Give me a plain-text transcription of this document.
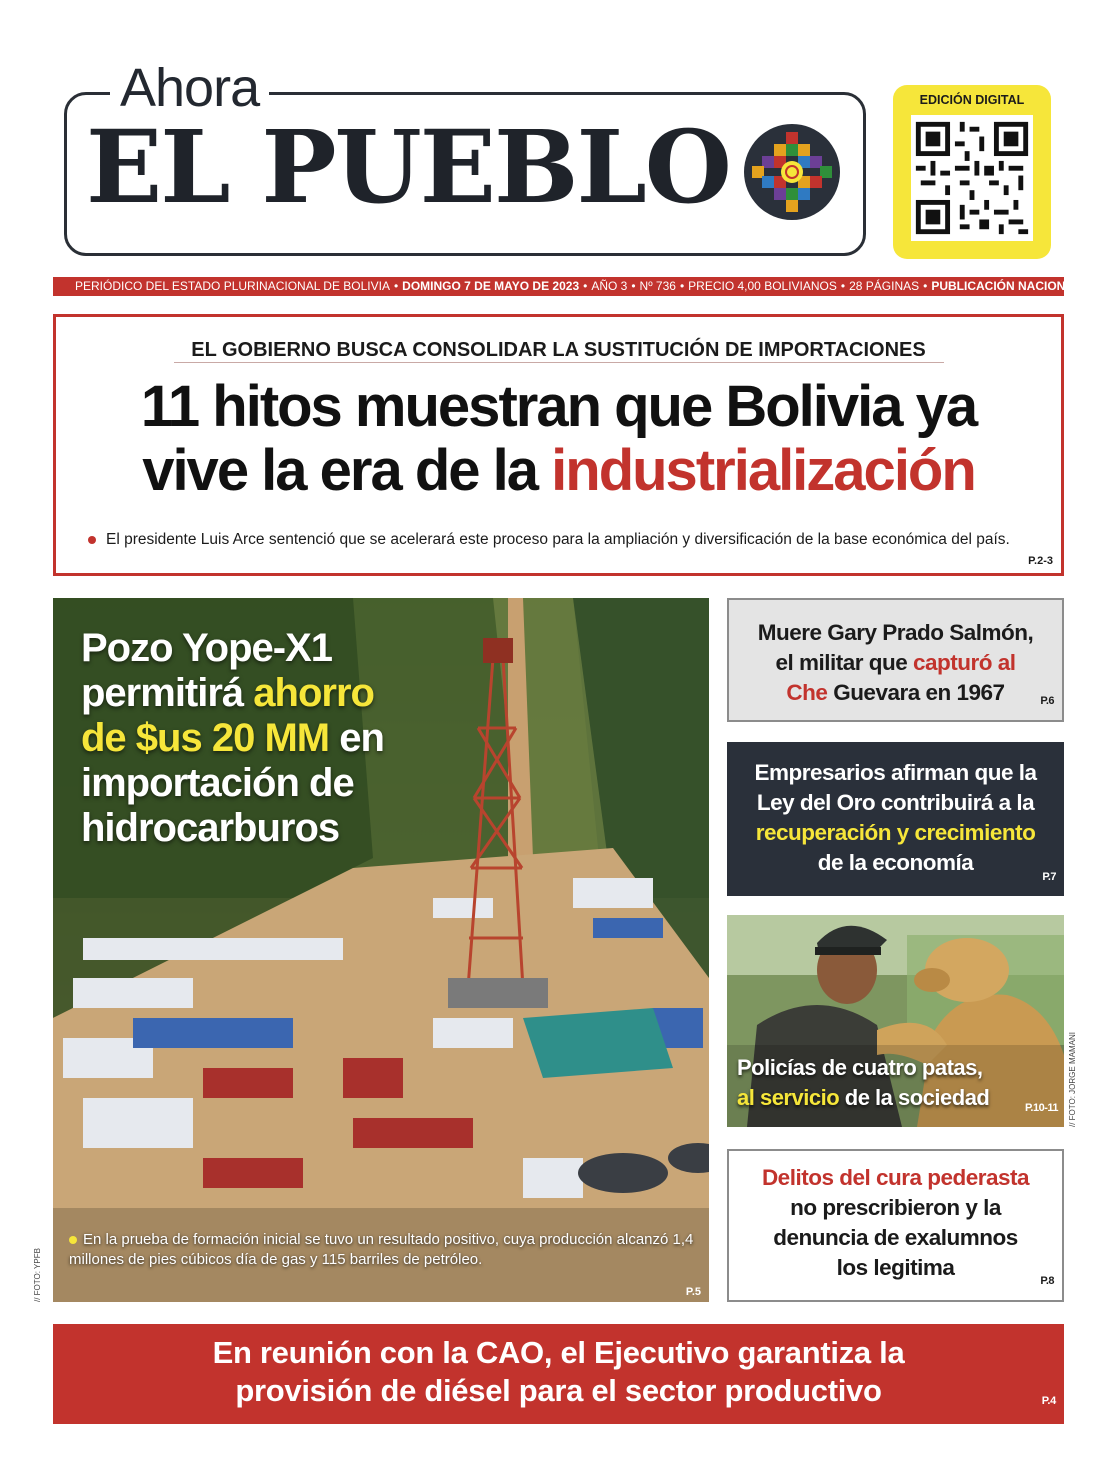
Ahora
EL PUEBLO
EDICIÓN DIGITAL
PERIÓDICO DEL ESTADO PLURINACIONAL DE BOLIVIA • DOMINGO 7 DE MAYO DE 2023 • AÑO 3 • Nº 736 • PRECIO 4,00 BOLIVIANOS • 28 PÁGINAS • PUBLICACIÓN NACIONAL
EL GOBIERNO BUSCA CONSOLIDAR LA SUSTITUCIÓN DE IMPORTACIONES
11 hitos muestran que Bolivia ya
vive la era de la industrialización
El presidente Luis Arce sentenció que se acelerará este proceso para la ampliación y diversificación de la base económica del país.
P.2-3
Pozo Yope-X1
permitirá ahorro
de $us 20 MM en
importación de
hidrocarburos
En la prueba de formación inicial se tuvo un resultado positivo, cuya producción alcanzó 1,4 millones de pies cúbicos día de gas y 115 barriles de petróleo.
P.5
// FOTO: YPFB
Muere Gary Prado Salmón,
el militar que capturó al
Che Guevara en 1967	P.6
Empresarios afirman que la
Ley del Oro contribuirá a la
recuperación y crecimiento
de la economía
P.7
Policías de cuatro patas,
al servicio de la sociedad	P.10-11 // FOTO: JORGE MAMANI
Delitos del cura pederasta
no prescribieron y la
denuncia de exalumnos
los legitima
P.8
En reunión con la CAO, el Ejecutivo garantiza la
provisión de diésel para el sector productivo	P.4
